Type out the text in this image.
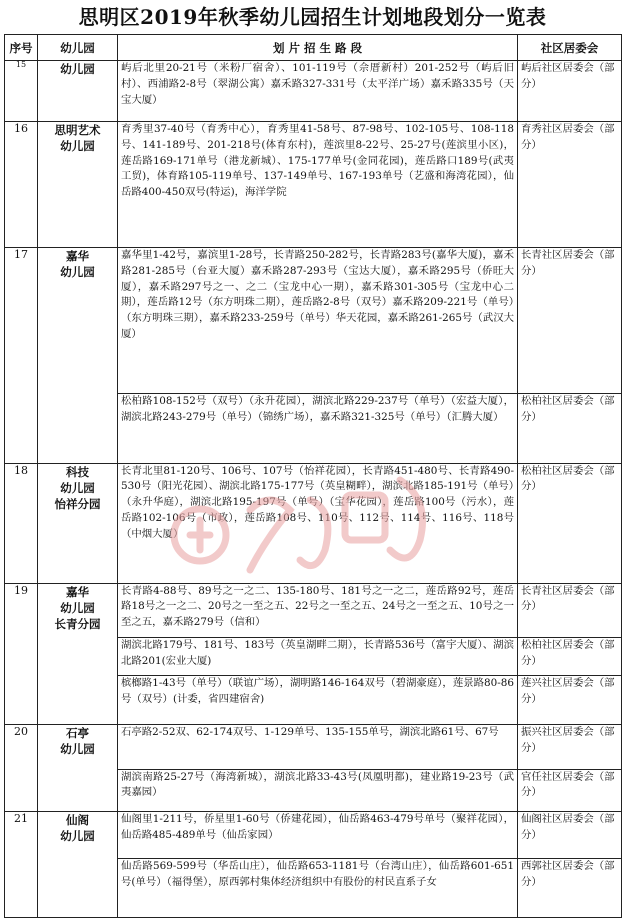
思明区2019年秋季幼儿园招生计划地段划分一览表
序号	幼儿园	划 片 招 生 路 段	社区居委会
15	幼儿园	屿后北里20-21号（米粉厂宿舍）、101-119号（佘厝新村）201-252号（屿后旧村）、西浦路2-8号（翠湖公寓）嘉禾路327-331号（太平洋广场）嘉禾路335号（天宝大厦）	屿后社区居委会（部分）
16	思明艺术
幼儿园	育秀里37-40号（育秀中心），育秀里41-58号、87-98号、102-105号、108-118号、141-189号、201-218号(体育东村)，莲滨里8-22号、25-27号(莲滨里小区)，莲岳路169-171单号（港龙新城）、175-177单号(金同花园)，莲岳路口189号(武夷工贸)，体育路105-119单号、137-149单号、167-193单号（艺盛和海湾花园），仙岳路400-450双号(特运)，海洋学院	育秀社区居委会（部分）
17	嘉华
幼儿园	嘉华里1-42号，嘉滨里1-28号，长青路250-282号，长青路283号(嘉华大厦)，嘉禾路281-285号（台亚大厦）嘉禾路287-293号（宝达大厦），嘉禾路295号（侨旺大厦），嘉禾路297号之一、之二（宝龙中心一期），嘉禾路301-305号（宝龙中心二期），莲岳路12号（东方明珠二期），莲岳路2-8号（双号）嘉禾路209-221号（单号）（东方明珠三期），嘉禾路233-259号（单号）华天花园，嘉禾路261-265号（武汉大厦）	长青社区居委会（部分）
		松柏路108-152号（双号）（永升花园），湖滨北路229-237号（单号）（宏益大厦），湖滨北路243-279号（单号）（锦绣广场），嘉禾路321-325号（单号）（汇腾大厦）	松柏社区居委会（部分）
18	科技
幼儿园
怡祥分园	长青北里81-120号、106号、107号（怡祥花园），长青路451-480号、长青路490-530号（阳光花园）、湖滨北路175-177号（英皇糊畔），湖滨北路185-191号（单号）（永升华庭），湖滨北路195-197号（单号）（宝华花园），莲岳路100号（污水），莲岳路102-106号（市政），莲岳路108号、110号、112号、114号、116号、118号（中烟大厦）	松柏社区居委会（部分）
19	嘉华
幼儿园
长青分园	长青路4-88号、89号之一之二、135-180号、181号之一之二，莲岳路92号，莲岳路18号之一之二、20号之一至之五、22号之一至之五、24号之一至之五、10号之一至之五，嘉禾路279号（信和）	长青社区居委会（部分）
		湖滨北路179号、181号、183号（英皇湖畔二期），长青路536号（富宇大厦）、湖滨北路201(宏业大厦)	松柏社区居委会（部分）
		槟榔路1-43号（单号）（联谊广场），湖明路146-164双号（碧湖豪庭），莲景路80-86号（双号）(计委，省四建宿舍)	莲兴社区居委会（部分）
20	石亭
幼儿园	石亭路2-52双、62-174双号、1-129单号、135-155单号，湖滨北路61号、67号	振兴社区居委会（部分）
		湖滨南路25-27号（海湾新城），湖滨北路33-43号(凤凰明都)，建业路19-23号（武夷嘉园）	官任社区居委会（部分）
21	仙阁
幼儿园	仙阁里1-211号，侨星里1-60号（侨建花园），仙岳路463-479号单号（聚祥花园），仙岳路485-489单号（仙岳家园）	仙阁社区居委会（部分）
		仙岳路569-599号（华岳山庄），仙岳路653-1181号（台湾山庄），仙岳路601-651号(单号）（福得堡），原西郭村集体经济组织中有股份的村民直系子女	西郭社区居委会（部分）
